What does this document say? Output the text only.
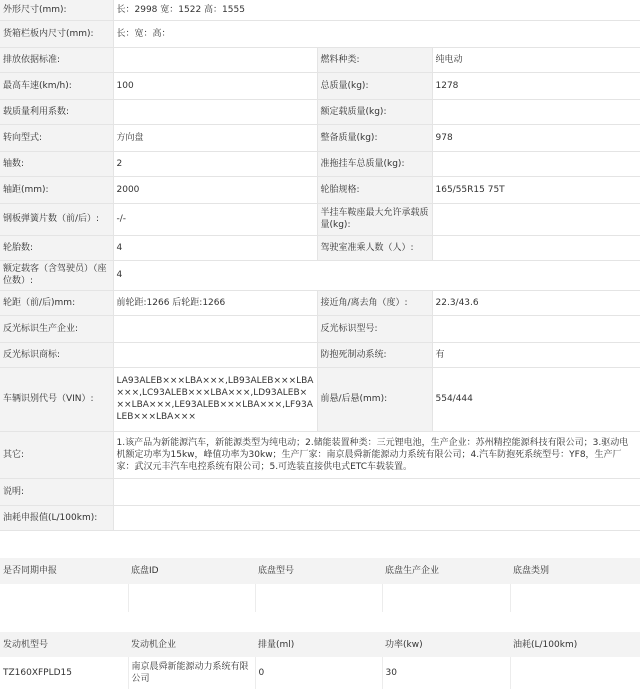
外形尺寸(mm):	长：2998 宽：1522 高：1555		
货箱栏板内尺寸(mm):	长：宽：高：		
排放依据标准:		燃料种类:	纯电动
最高车速(km/h):	100	总质量(kg):	1278
载质量利用系数:		额定载质量(kg):	
转向型式:	方向盘	整备质量(kg):	978
轴数:	2	准拖挂车总质量(kg):	
轴距(mm):	2000	轮胎规格:	165/55R15 75T
钢板弹簧片数（前/后）:	-/-	半挂车鞍座最大允许承载质量(kg):	
轮胎数:	4	驾驶室准乘人数（人）:	
额定载客（含驾驶员）（座位数）:	4		
轮距（前/后)mm:	前轮距:1266 后轮距:1266	接近角/离去角（度）:	22.3/43.6
反光标识生产企业:		反光标识型号:	
反光标识商标:		防抱死制动系统:	有
车辆识别代号（VIN）:	LA93ALEB×××LBA×××,LB93ALEB×××LBA×××,LC93ALEB×××LBA×××,LD93ALEB×××LBA×××,LE93ALEB×××LBA×××,LF93ALEB×××LBA×××	前悬/后悬(mm):	554/444
其它:	1.该产品为新能源汽车，新能源类型为纯电动；2.储能装置种类：三元锂电池，生产企业：苏州精控能源科技有限公司；3.驱动电机额定功率为15kw，峰值功率为30kw；生产厂家：南京晨舜新能源动力系统有限公司；4.汽车防抱死系统型号：YF8，生产厂家：武汉元丰汽车电控系统有限公司；5.可选装直接供电式ETC车载装置。		
说明:			
油耗申报值(L/100km):			
是否同期申报	底盘ID	底盘型号	底盘生产企业	底盘类别

发动机型号	发动机企业	排量(ml)	功率(kw)	油耗(L/100km)
TZ160XFPLD15	南京晨舜新能源动力系统有限公司	0	30	
